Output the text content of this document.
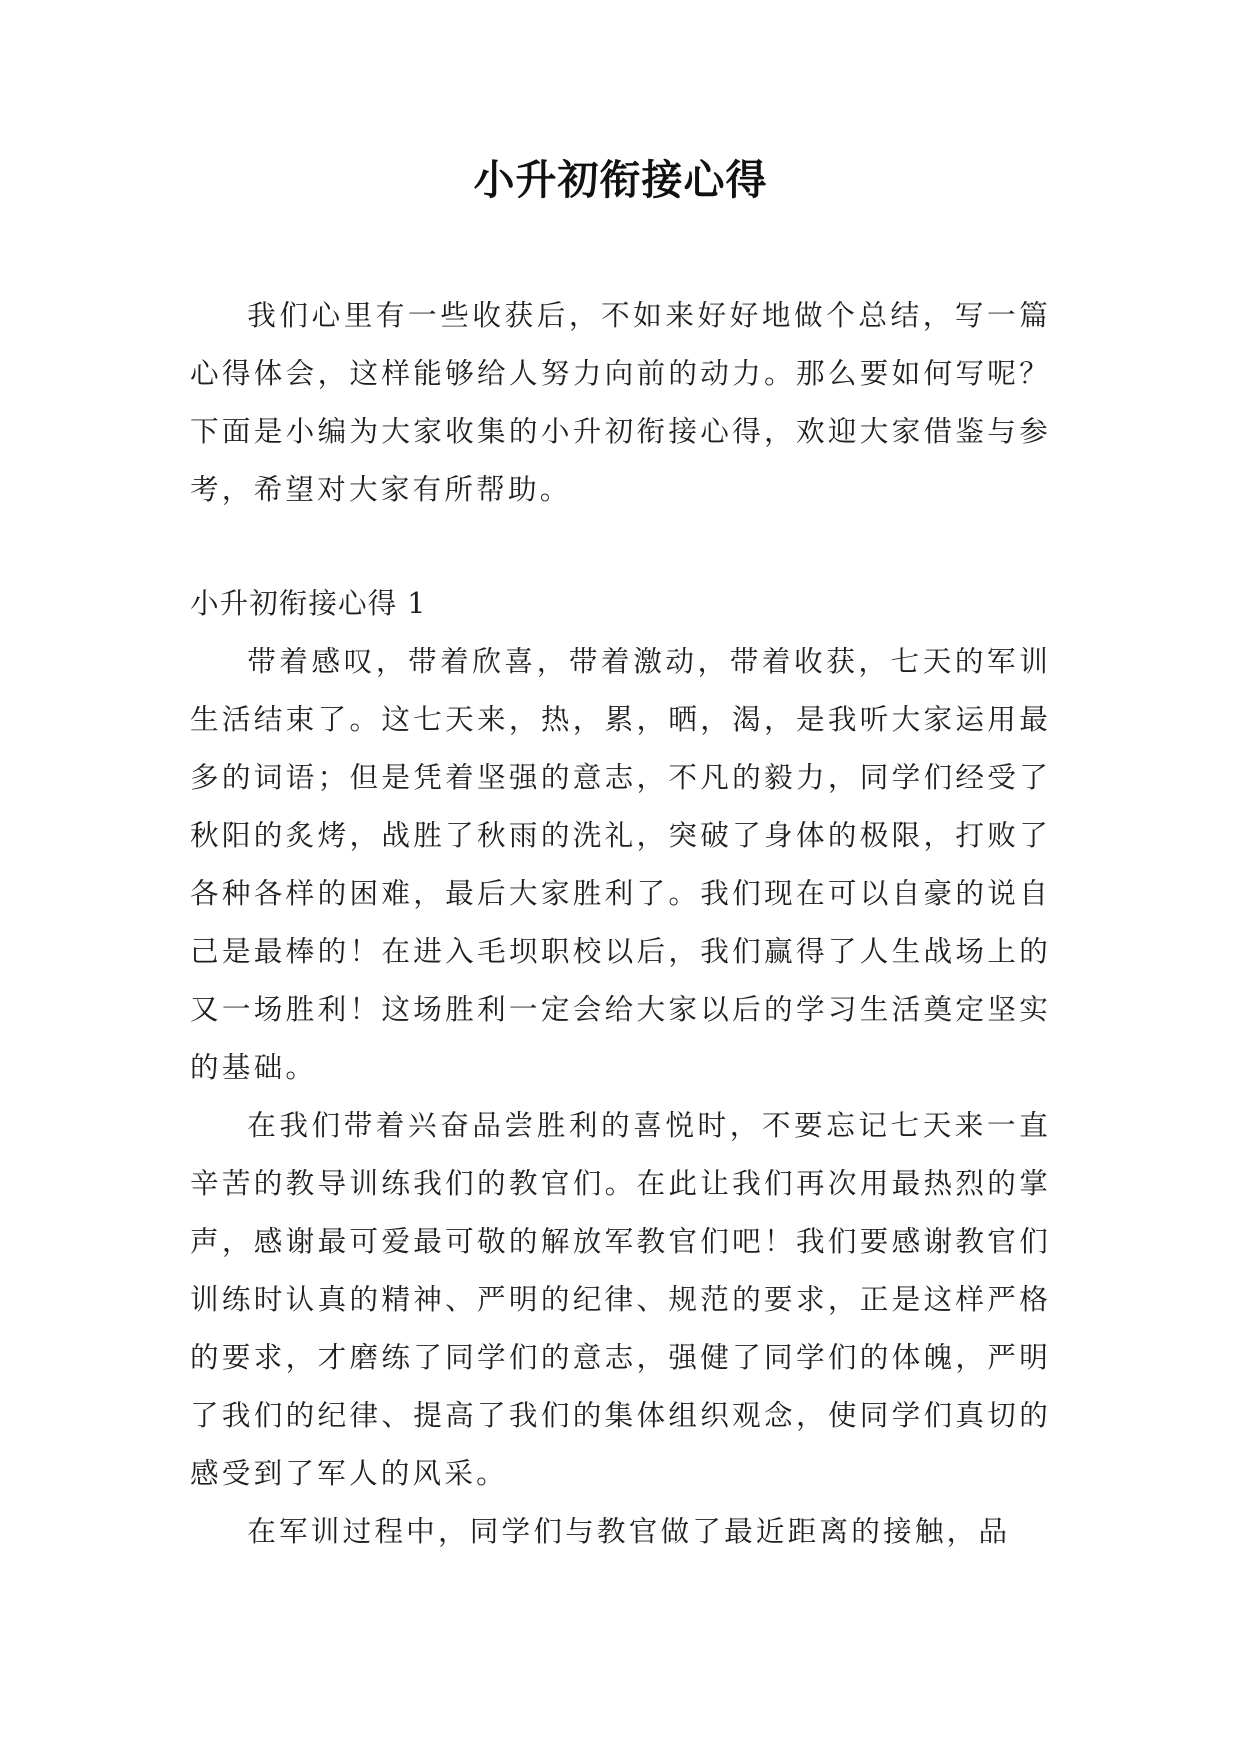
小升初衔接心得

我们心里有一些收获后，不如来好好地做个总结，写一篇心得体会，这样能够给人努力向前的动力。那么要如何写呢？下面是小编为大家收集的小升初衔接心得，欢迎大家借鉴与参考，希望对大家有所帮助。

小升初衔接心得 1

带着感叹，带着欣喜，带着激动，带着收获，七天的军训生活结束了。这七天来，热，累，晒，渴，是我听大家运用最多的词语；但是凭着坚强的意志，不凡的毅力，同学们经受了秋阳的炙烤，战胜了秋雨的洗礼，突破了身体的极限，打败了各种各样的困难，最后大家胜利了。我们现在可以自豪的说自己是最棒的！在进入毛坝职校以后，我们赢得了人生战场上的又一场胜利！这场胜利一定会给大家以后的学习生活奠定坚实的基础。

在我们带着兴奋品尝胜利的喜悦时，不要忘记七天来一直辛苦的教导训练我们的教官们。在此让我们再次用最热烈的掌声，感谢最可爱最可敬的解放军教官们吧！我们要感谢教官们训练时认真的精神、严明的纪律、规范的要求，正是这样严格的要求，才磨练了同学们的意志，强健了同学们的体魄，严明了我们的纪律、提高了我们的集体组织观念，使同学们真切的感受到了军人的风采。

在军训过程中，同学们与教官做了最近距离的接触，品
